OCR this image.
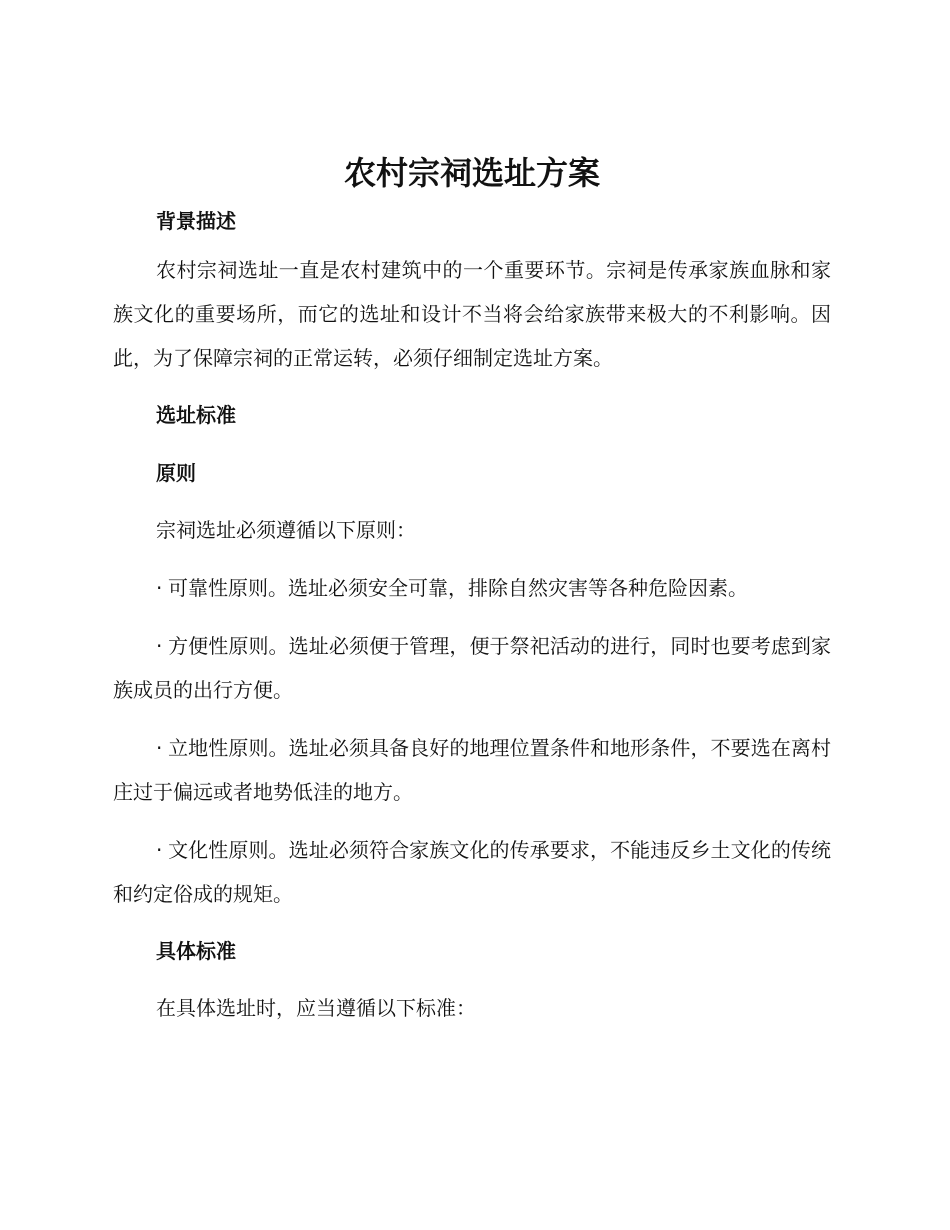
农村宗祠选址方案
背景描述

农村宗祠选址一直是农村建筑中的一个重要环节。宗祠是传承家族血脉和家族文化的重要场所，而它的选址和设计不当将会给家族带来极大的不利影响。因此，为了保障宗祠的正常运转，必须仔细制定选址方案。

选址标准
原则

宗祠选址必须遵循以下原则：

· 可靠性原则。选址必须安全可靠，排除自然灾害等各种危险因素。

· 方便性原则。选址必须便于管理，便于祭祀活动的进行，同时也要考虑到家族成员的出行方便。

· 立地性原则。选址必须具备良好的地理位置条件和地形条件，不要选在离村庄过于偏远或者地势低洼的地方。

· 文化性原则。选址必须符合家族文化的传承要求，不能违反乡土文化的传统和约定俗成的规矩。

具体标准

在具体选址时，应当遵循以下标准：
